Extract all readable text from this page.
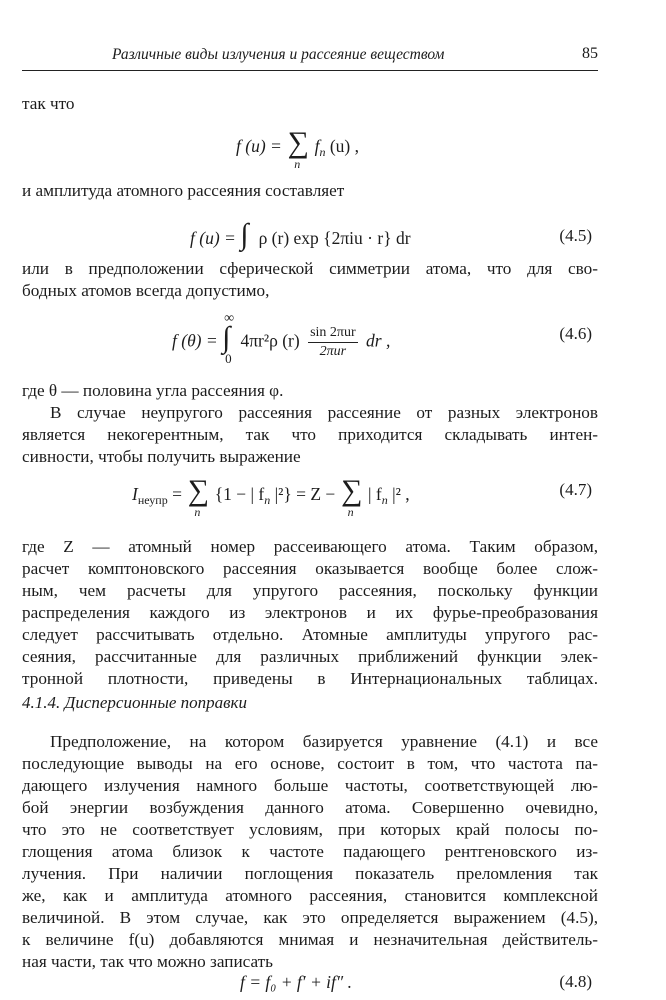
Различные виды излучения и рассеяние веществом	85
так что
f (u) = ∑
n
$f_n$ (u) ,
и амплитуда атомного рассеяния составляет
f (u) = ∫ ρ (r) exp {2πiu · r} dr	(4.5)
или в предположении сферической симметрии атома, что для сво-
бодных атомов всегда допустимо,
f (θ) =
∞
∫
0
4πr²ρ $(r) \frac{\text{sin 2πur}}{\text{2πur}}$ dr ,	(4.6)
где θ — половина угла рассеяния φ.
В случае неупругого рассеяния рассеяние от разных электронов
является некогерентным, так что приходится складывать интен-
сивности, чтобы получить выражение
$I_{неупр}$ = ∑
n
{1 − | $f_n$ |²} = Z − ∑
n
| $f_n$ |² ,	(4.7)
где Z — атомный номер рассеивающего атома. Таким образом,
расчет комптоновского рассеяния оказывается вообще более слож-
ным, чем расчеты для упругого рассеяния, поскольку функции
распределения каждого из электронов и их фурье-преобразования
следует рассчитывать отдельно. Атомные амплитуды упругого рас-
сеяния, рассчитанные для различных приближений функции элек-
тронной плотности, приведены в Интернациональных таблицах.
4.1.4. Дисперсионные поправки
Предположение, на котором базируется уравнение (4.1) и все
последующие выводы на его основе, состоит в том, что частота па-
дающего излучения намного больше частоты, соответствующей лю-
бой энергии возбуждения данного атома. Совершенно очевидно,
что это не соответствует условиям, при которых край полосы по-
глощения атома близок к частоте падающего рентгеновского из-
лучения. При наличии поглощения показатель преломления так
же, как и амплитуда атомного рассеяния, становится комплексной
величиной. В этом случае, как это определяется выражением (4.5),
к величине f(u) добавляются мнимая и незначительная действитель-
ная части, так что можно записать
f = f₀ + f′ + if″ .	(4.8)
